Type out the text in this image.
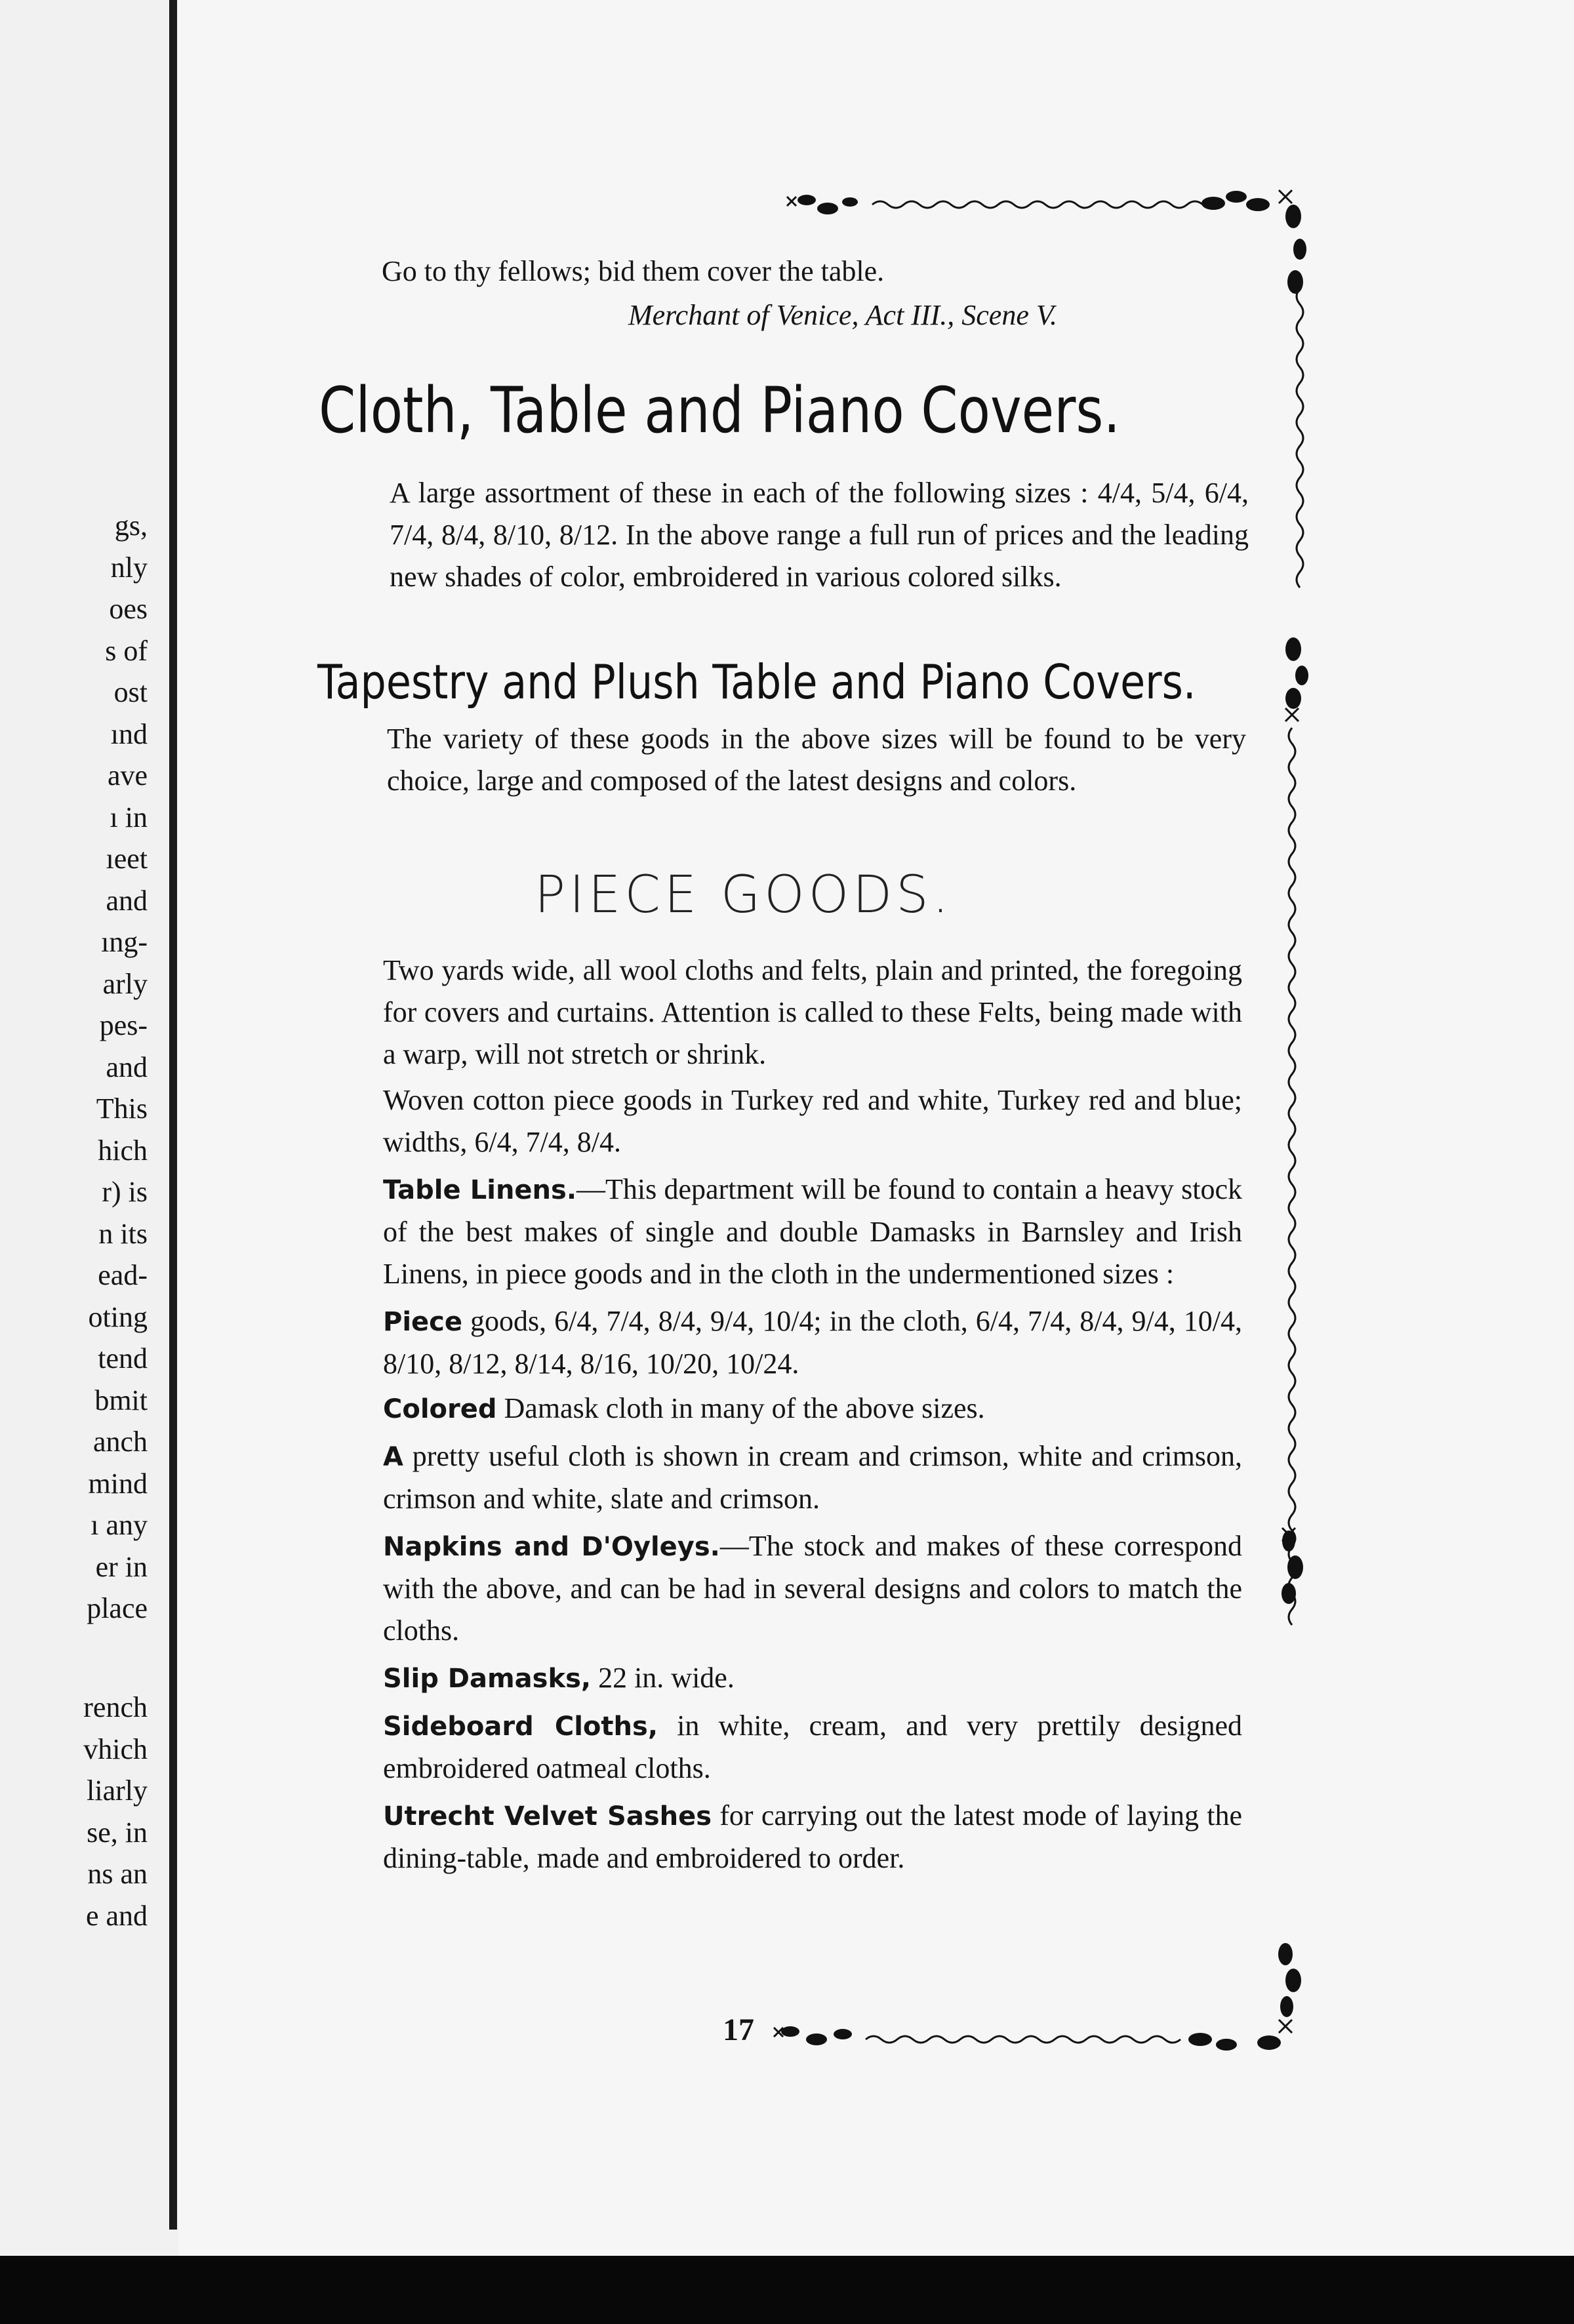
gs,
nly
oes
s of
ost
ınd
ave
ı in
ıeet
and
ıng-
arly
pes-
and
This
hich
r) is
n its
ead-
oting
tend
bmit
anch
mind
ı any
er in
place
rench
vhich
liarly
se, in
ns an
e and
Go to thy fellows; bid them cover the table.
Merchant of Venice, Act III., Scene V.
Cloth, Table and Piano Covers.
A large assortment of these in each of the following sizes : 4/4, 5/4, 6/4, 7/4, 8/4, 8/10, 8/12. In the above range a full run of prices and the leading new shades of color, embroidered in various colored silks.
Tapestry and Plush Table and Piano Covers.
The variety of these goods in the above sizes will be found to be very choice, large and composed of the latest designs and colors.
PIECE GOODS.
Two yards wide, all wool cloths and felts, plain and printed, the foregoing for covers and curtains. Attention is called to these Felts, being made with a warp, will not stretch or shrink.
Woven cotton piece goods in Turkey red and white, Turkey red and blue; widths, 6/4, 7/4, 8/4.
Table Linens.—This department will be found to contain a heavy stock of the best makes of single and double Damasks in Barnsley and Irish Linens, in piece goods and in the cloth in the undermentioned sizes :
Piece goods, 6/4, 7/4, 8/4, 9/4, 10/4; in the cloth, 6/4, 7/4, 8/4, 9/4, 10/4, 8/10, 8/12, 8/14, 8/16, 10/20, 10/24.
Colored Damask cloth in many of the above sizes.
A pretty useful cloth is shown in cream and crimson, white and crimson, crimson and white, slate and crimson.
Napkins and D'Oyleys.—The stock and makes of these correspond with the above, and can be had in several designs and colors to match the cloths.
Slip Damasks, 22 in. wide.
Sideboard Cloths, in white, cream, and very prettily designed embroidered oatmeal cloths.
Utrecht Velvet Sashes for carrying out the latest mode of laying the dining-table, made and embroidered to order.
17
